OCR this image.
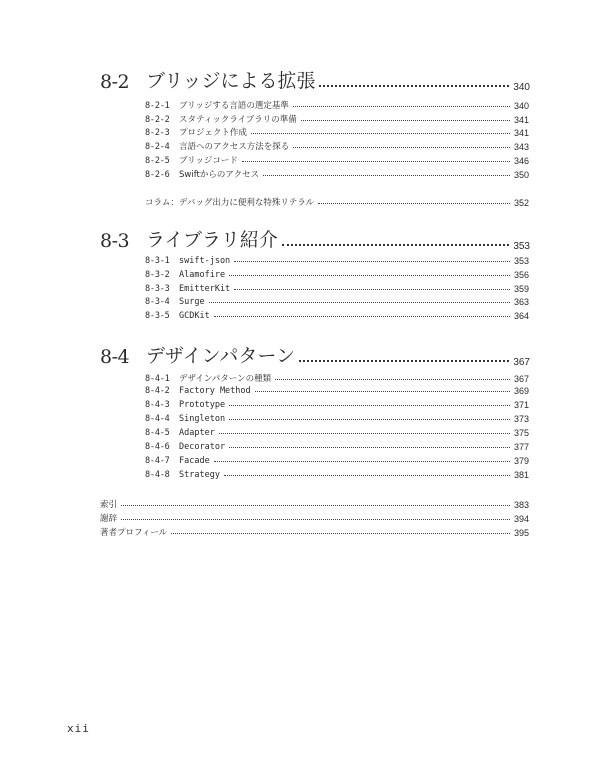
8-2 ブリッジによる拡張	340
8-2-1	ブリッジする言語の選定基準	340
8-2-2	スタティックライブラリの準備	341
8-2-3	プロジェクト作成	341
8-2-4	言語へのアクセス方法を探る	343
8-2-5	ブリッジコード	346
8-2-6	Swiftからのアクセス	350
コラム：デバッグ出力に便利な特殊リテラル	352
8-3 ライブラリ紹介	353
8-3-1	swift-json	353
8-3-2	Alamofire	356
8-3-3	EmitterKit	359
8-3-4	Surge	363
8-3-5	GCDKit	364
8-4 デザインパターン	367
8-4-1	デザインパターンの種類	367
8-4-2	Factory Method	369
8-4-3	Prototype	371
8-4-4	Singleton	373
8-4-5	Adapter	375
8-4-6	Decorator	377
8-4-7	Facade	379
8-4-8	Strategy	381
索引	383
謝辞	394
著者プロフィール	395
xii
